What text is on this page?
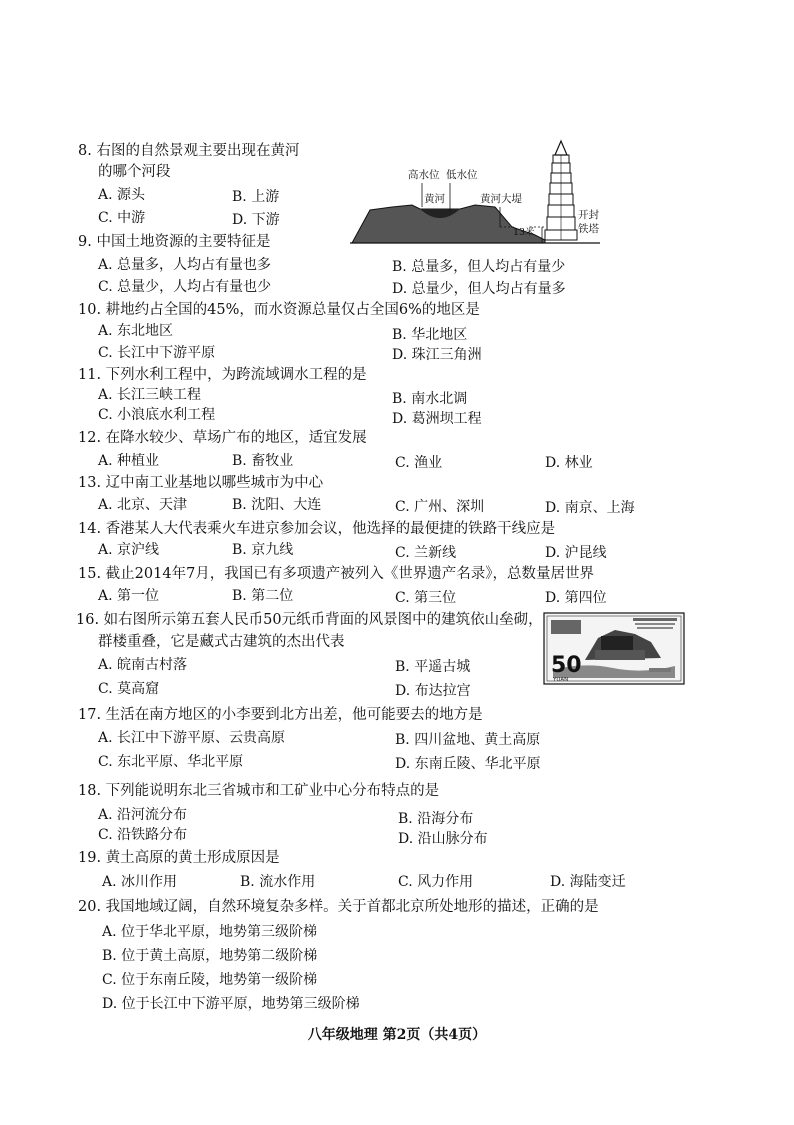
8. 右图的自然景观主要出现在黄河
的哪个河段
A. 源头	B. 上游
C. 中游	D. 下游
高水位 低水位
黄河	黄河大堤
13米
开封
铁塔
9. 中国土地资源的主要特征是
A. 总量多，人均占有量也多	B. 总量多，但人均占有量少
C. 总量少，人均占有量也少	D. 总量少，但人均占有量多
10. 耕地约占全国的45%，而水资源总量仅占全国6%的地区是
A. 东北地区	B. 华北地区
C. 长江中下游平原	D. 珠江三角洲
11. 下列水利工程中，为跨流域调水工程的是
A. 长江三峡工程	B. 南水北调
C. 小浪底水利工程	D. 葛洲坝工程
12. 在降水较少、草场广布的地区，适宜发展
A. 种植业	B. 畜牧业	C. 渔业	D. 林业
13. 辽中南工业基地以哪些城市为中心
A. 北京、天津	B. 沈阳、大连	C. 广州、深圳	D. 南京、上海
14. 香港某人大代表乘火车进京参加会议，他选择的最便捷的铁路干线应是
A. 京沪线	B. 京九线	C. 兰新线	D. 沪昆线
15. 截止2014年7月，我国已有多项遗产被列入《世界遗产名录》，总数量居世界
A. 第一位	B. 第二位	C. 第三位	D. 第四位
16. 如右图所示第五套人民币50元纸币背面的风景图中的建筑依山垒砌，
群楼重叠，它是藏式古建筑的杰出代表
A. 皖南古村落	B. 平遥古城
C. 莫高窟	D. 布达拉宫
50
YUAN
17. 生活在南方地区的小李要到北方出差，他可能要去的地方是
A. 长江中下游平原、云贵高原	B. 四川盆地、黄土高原
C. 东北平原、华北平原	D. 东南丘陵、华北平原
18. 下列能说明东北三省城市和工矿业中心分布特点的是
A. 沿河流分布	B. 沿海分布
C. 沿铁路分布	D. 沿山脉分布
19. 黄土高原的黄土形成原因是
A. 冰川作用	B. 流水作用	C. 风力作用	D. 海陆变迁
20. 我国地域辽阔，自然环境复杂多样。关于首都北京所处地形的描述，正确的是
A. 位于华北平原，地势第三级阶梯
B. 位于黄土高原，地势第二级阶梯
C. 位于东南丘陵，地势第一级阶梯
D. 位于长江中下游平原，地势第三级阶梯
八年级地理 第2页（共4页）
